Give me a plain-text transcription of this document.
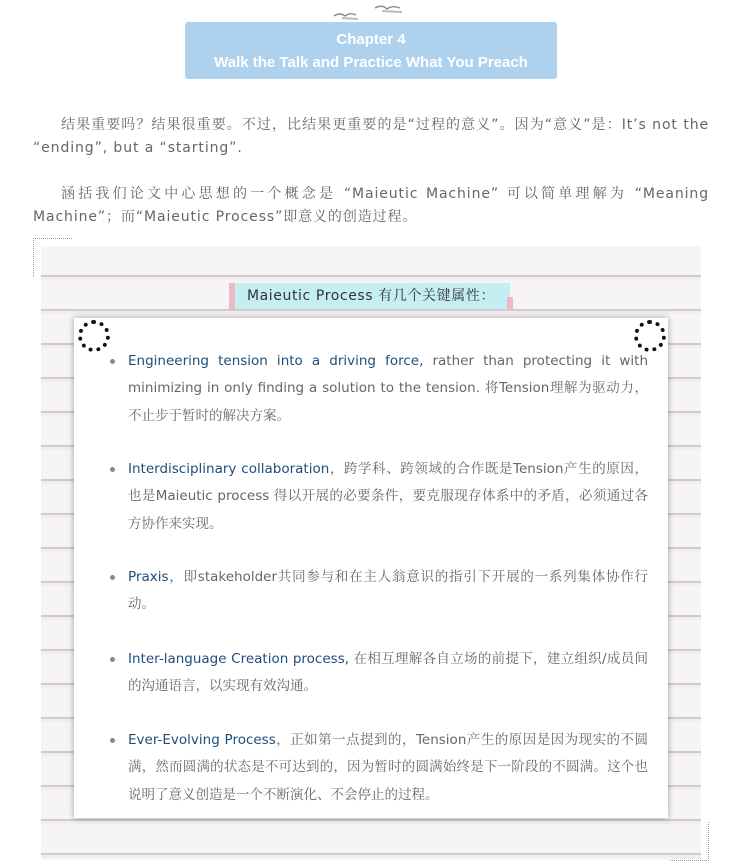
Chapter 4
Walk the Talk and Practice What You Preach
结果重要吗？结果很重要。不过，比结果更重要的是“过程的意义”。因为“意义”是：It’s not the “ending”, but a “starting”.
涵括我们论文中心思想的一个概念是 “Maieutic Machine” 可以简单理解为 “Meaning Machine”；而“Maieutic Process”即意义的创造过程。
Maieutic Process 有几个关键属性：
Engineering tension into a driving force, rather than protecting it with minimizing in only finding a solution to the tension. 将Tension理解为驱动力，不止步于暂时的解决方案。
Interdisciplinary collaboration，跨学科、跨领域的合作既是Tension产生的原因，也是Maieutic process 得以开展的必要条件，要克服现存体系中的矛盾，必须通过各方协作来实现。
Praxis，即stakeholder共同参与和在主人翁意识的指引下开展的一系列集体协作行动。
Inter-language Creation process, 在相互理解各自立场的前提下，建立组织/成员间的沟通语言，以实现有效沟通。
Ever-Evolving Process，正如第一点提到的，Tension产生的原因是因为现实的不圆满，然而圆满的状态是不可达到的，因为暂时的圆满始终是下一阶段的不圆满。这个也说明了意义创造是一个不断演化、不会停止的过程。
